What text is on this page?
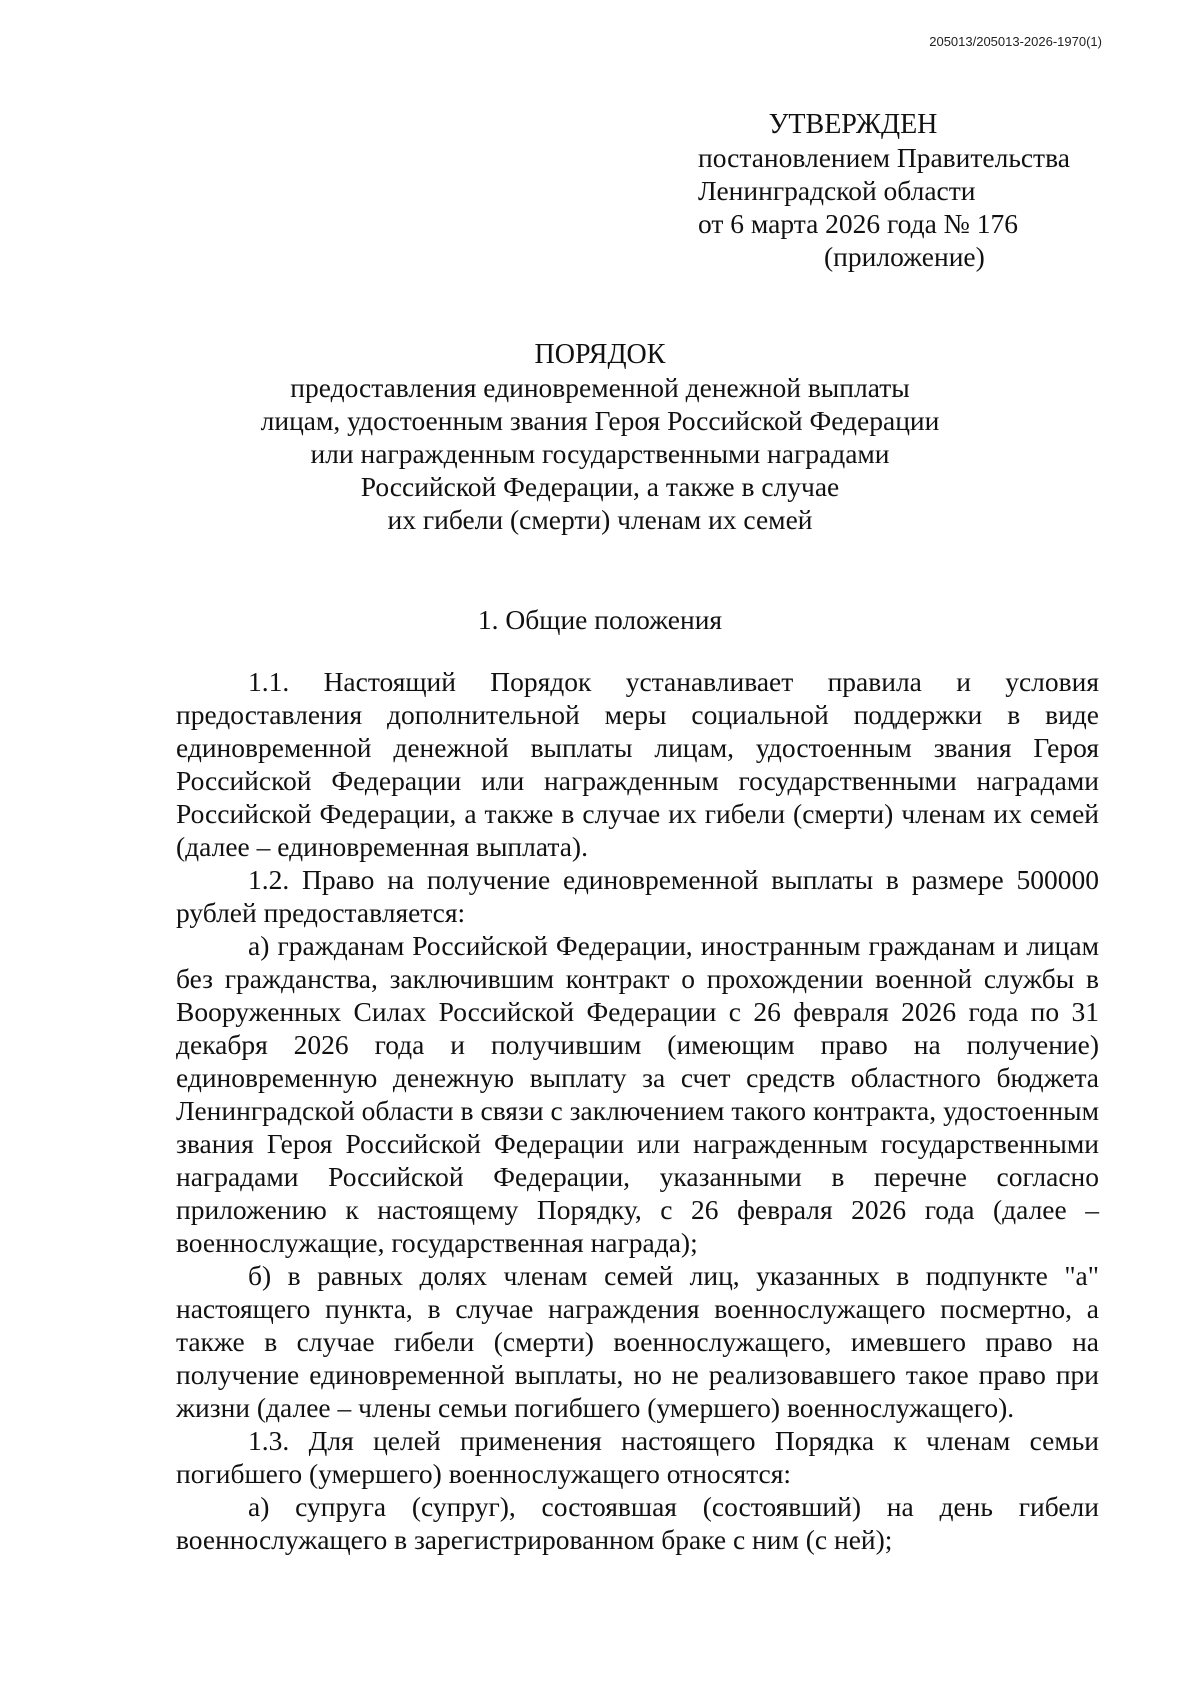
205013/205013-2026-1970(1)
УТВЕРЖДЕН
постановлением Правительства
Ленинградской области
от 6 марта 2026 года № 176
(приложение)
ПОРЯДОК
предоставления единовременной денежной выплаты
лицам, удостоенным звания Героя Российской Федерации
или награжденным государственными наградами
Российской Федерации, а также в случае
их гибели (смерти) членам их семей
1. Общие положения

1.1. Настоящий Порядок устанавливает правила и условия предоставления дополнительной меры социальной поддержки в виде единовременной денежной выплаты лицам, удостоенным звания Героя Российской Федерации или награжденным государственными наградами Российской Федерации, а также в случае их гибели (смерти) членам их семей (далее – единовременная выплата).

1.2. Право на получение единовременной выплаты в размере 500000 рублей предоставляется:

а) гражданам Российской Федерации, иностранным гражданам и лицам без гражданства, заключившим контракт о прохождении военной службы в Вооруженных Силах Российской Федерации с 26 февраля 2026 года по 31 декабря 2026 года и получившим (имеющим право на получение) единовременную денежную выплату за счет средств областного бюджета Ленинградской области в связи с заключением такого контракта, удостоенным звания Героя Российской Федерации или награжденным государственными наградами Российской Федерации, указанными в перечне согласно приложению к настоящему Порядку, с 26 февраля 2026 года (далее – военнослужащие, государственная награда);

б) в равных долях членам семей лиц, указанных в подпункте "а" настоящего пункта, в случае награждения военнослужащего посмертно, а также в случае гибели (смерти) военнослужащего, имевшего право на получение единовременной выплаты, но не реализовавшего такое право при жизни (далее – члены семьи погибшего (умершего) военнослужащего).

1.3. Для целей применения настоящего Порядка к членам семьи погибшего (умершего) военнослужащего относятся:

а) супруга (супруг), состоявшая (состоявший) на день гибели военнослужащего в зарегистрированном браке с ним (с ней);
